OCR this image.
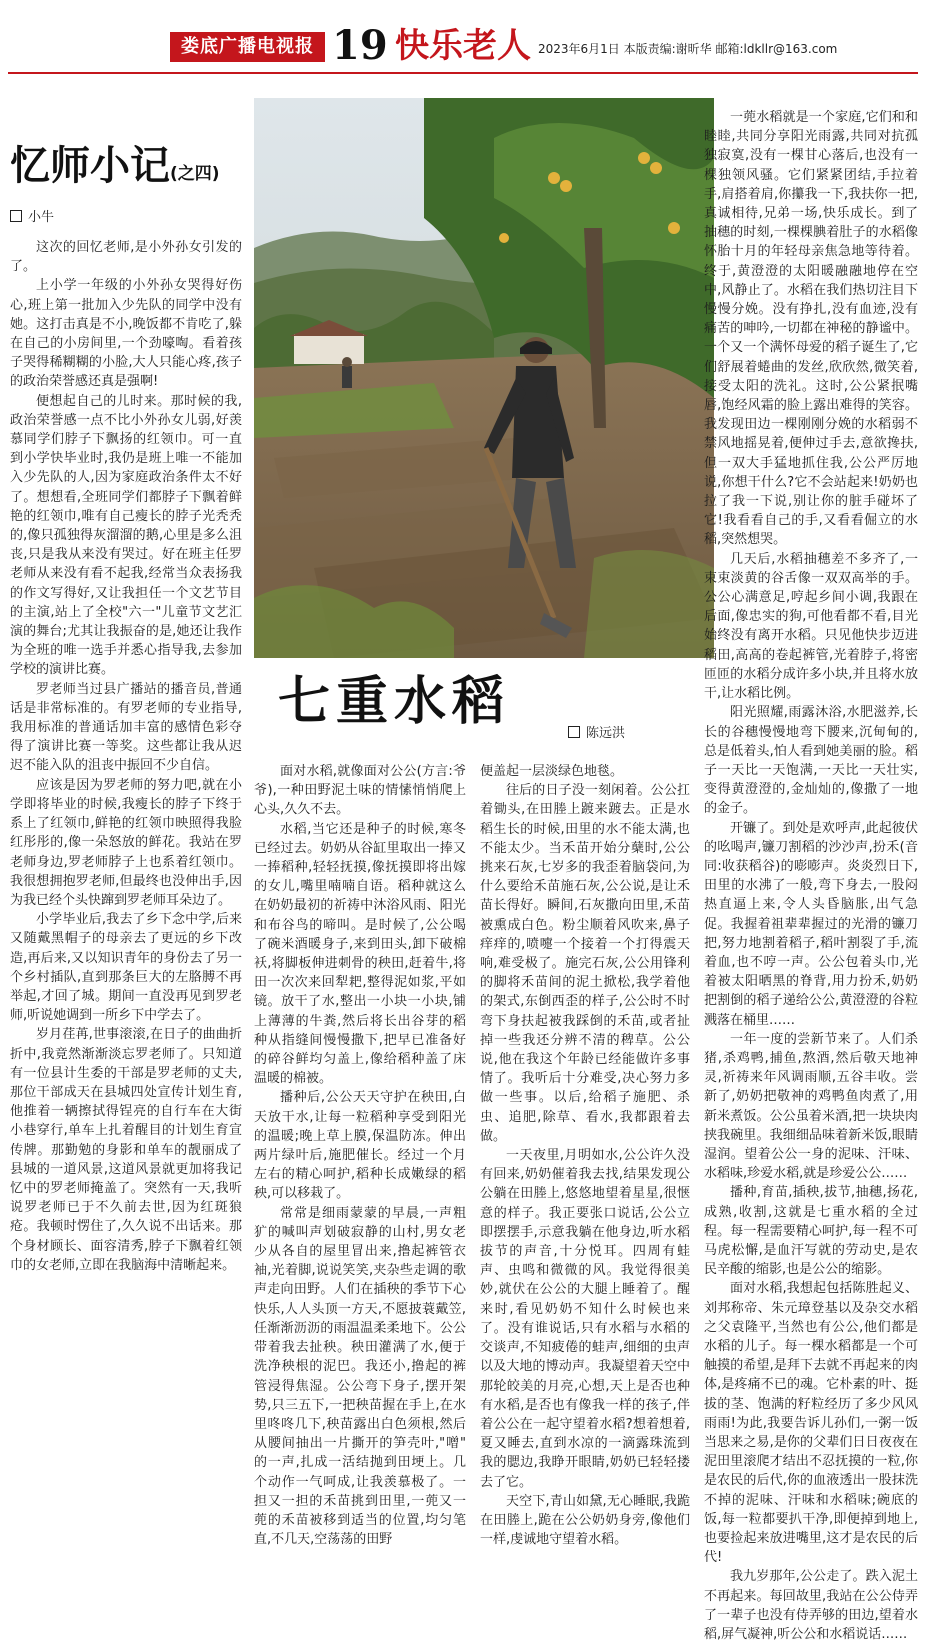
娄底广播电视报 19 快乐老人 2023年6月1日 本版责编:谢昕华 邮箱:ldkllr@163.com
忆师小记(之四)
小牛

这次的回忆老师,是小外孙女引发的了。

上小学一年级的小外孙女哭得好伤心,班上第一批加入少先队的同学中没有她。这打击真是不小,晚饭都不肯吃了,躲在自己的小房间里,一个劲嚎啕。看着孩子哭得稀糊糊的小脸,大人只能心疼,孩子的政治荣誉感还真是强啊!

便想起自己的儿时来。那时候的我,政治荣誉感一点不比小外孙女儿弱,好羡慕同学们脖子下飘扬的红领巾。可一直到小学快毕业时,我仍是班上唯一不能加入少先队的人,因为家庭政治条件太不好了。想想看,全班同学们都脖子下飘着鲜艳的红领巾,唯有自己瘦长的脖子光秃秃的,像只孤独得灰溜溜的鹅,心里是多么沮丧,只是我从来没有哭过。好在班主任罗老师从来没有看不起我,经常当众表扬我的作文写得好,又让我担任一个文艺节目的主演,站上了全校"六一"儿童节文艺汇演的舞台;尤其让我振奋的是,她还让我作为全班的唯一选手并悉心指导我,去参加学校的演讲比赛。

罗老师当过县广播站的播音员,普通话是非常标准的。有罗老师的专业指导,我用标准的普通话加丰富的感情色彩夺得了演讲比赛一等奖。这些都让我从迟迟不能入队的沮丧中振回不少自信。

应该是因为罗老师的努力吧,就在小学即将毕业的时候,我瘦长的脖子下终于系上了红领巾,鲜艳的红领巾映照得我脸红彤彤的,像一朵怒放的鲜花。我站在罗老师身边,罗老师脖子上也系着红领巾。我很想拥抱罗老师,但最终也没伸出手,因为我已经个头快蹿到罗老师耳朵边了。

小学毕业后,我去了乡下念中学,后来又随戴黑帽子的母亲去了更远的乡下改造,再后来,又以知识青年的身份去了另一个乡村插队,直到那条巨大的左胳膊不再举起,才回了城。期间一直没再见到罗老师,听说她调到一所乡下中学去了。

岁月荏苒,世事滚滚,在日子的曲曲折折中,我竟然渐渐淡忘罗老师了。只知道有一位县计生委的干部是罗老师的丈夫,那位干部成天在县城四处宣传计划生育,他推着一辆擦拭得锃亮的自行车在大街小巷穿行,单车上扎着醒目的计划生育宣传牌。那勤勉的身影和单车的靓丽成了县城的一道风景,这道风景就更加将我记忆中的罗老师掩盖了。突然有一天,我听说罗老师已于不久前去世,因为红斑狼疮。我顿时愣住了,久久说不出话来。那个身材顾长、面容清秀,脖子下飘着红领巾的女老师,立即在我脑海中清晰起来。

七重水稻
陈远洪

面对水稻,就像面对公公(方言:爷爷),一种田野泥土味的情愫悄悄爬上心头,久久不去。

水稻,当它还是种子的时候,寒冬已经过去。奶奶从谷缸里取出一捧又一捧稻种,轻轻抚摸,像抚摸即将出嫁的女儿,嘴里喃喃自语。稻种就这么在奶奶最初的祈祷中沐浴风雨、阳光和布谷鸟的啼叫。是时候了,公公喝了碗米酒暖身子,来到田头,卸下破棉袄,将脚板伸进刺骨的秧田,赶着牛,将田一次次来回犁耙,整得泥如浆,平如镜。放干了水,整出一小块一小块,铺上薄薄的牛粪,然后将长出谷芽的稻种从指缝间慢慢撒下,把早已准备好的碎谷鲜均匀盖上,像给稻种盖了床温暖的棉被。

播种后,公公天天守护在秧田,白天放干水,让每一粒稻种享受到阳光的温暖;晚上草上膜,保温防冻。伸出两片绿叶后,施肥催长。经过一个月左右的精心呵护,稻种长成嫩绿的稻秧,可以移栽了。

常常是细雨蒙蒙的早晨,一声粗犷的喊叫声划破寂静的山村,男女老少从各自的屋里冒出来,撸起裤管衣袖,光着脚,说说笑笑,夹杂些走调的歌声走向田野。人们在插秧的季节下心快乐,人人头顶一方天,不愿披蓑戴笠,任渐渐沥沥的雨温温柔柔地下。公公带着我去扯秧。秧田灌满了水,便于洗净秧根的泥巴。我还小,撸起的裤管浸得焦湿。公公弯下身子,摆开架势,只三五下,一把秧苗握在手上,在水里咚咚几下,秧苗露出白色须根,然后从腰间抽出一片撕开的笋壳叶,"噌" 的一声,扎成一活结抛到田埂上。几个动作一气呵成,让我羡慕极了。一担又一担的禾苗挑到田里,一蔸又一蔸的禾苗被移到适当的位置,均匀笔直,不几天,空荡荡的田野

便盖起一层淡绿色地毯。

往后的日子没一刻闲着。公公扛着锄头,在田塍上踱来踱去。正是水稻生长的时候,田里的水不能太满,也不能太少。当禾苗开始分蘖时,公公挑来石灰,七岁多的我歪着脑袋问,为什么要给禾苗施石灰,公公说,是让禾苗长得好。瞬间,石灰撒向田里,禾苗被熏成白色。粉尘顺着风吹来,鼻子痒痒的,喷嚏一个接着一个打得震天响,难受极了。施完石灰,公公用锋利的脚将禾苗间的泥土掀松,我学着他的架式,东倒西歪的样子,公公时不时弯下身扶起被我踩倒的禾苗,或者扯掉一些我还分辨不清的稗草。公公说,他在我这个年龄已经能做许多事情了。我听后十分难受,决心努力多做一些事。以后,给稻子施肥、杀虫、追肥,除草、看水,我都跟着去做。

一天夜里,月明如水,公公许久没有回来,奶奶催着我去找,结果发现公公躺在田塍上,悠悠地望着星星,很惬意的样子。我正要张口说话,公公立即摆摆手,示意我躺在他身边,听水稻拔节的声音,十分悦耳。四周有蛙声、虫鸣和微微的风。我觉得很美妙,就伏在公公的大腿上睡着了。醒来时,看见奶奶不知什么时候也来了。没有谁说话,只有水稻与水稻的交谈声,不知疲倦的蛙声,细细的虫声以及大地的博动声。我凝望着天空中那轮皎美的月亮,心想,天上是否也种有水稻,是否也有像我一样的孩子,伴着公公在一起守望着水稻?想着想着,夏又睡去,直到水凉的一滴露珠流到我的腮边,我睁开眼睛,奶奶已轻轻搂去了它。

天空下,青山如黛,无心睡眠,我跪在田塍上,跪在公公奶奶身旁,像他们一样,虔诚地守望着水稻。

一蔸水稻就是一个家庭,它们和和睦睦,共同分享阳光雨露,共同对抗孤独寂寞,没有一棵甘心落后,也没有一棵独领风骚。它们紧紧团结,手拉着手,肩搭着肩,你攥我一下,我扶你一把,真诚相待,兄弟一场,快乐成长。到了抽穗的时刻,一棵棵腆着肚子的水稻像怀胎十月的年轻母亲焦急地等待着。终于,黄澄澄的太阳暖融融地停在空中,风静止了。水稻在我们热切注目下慢慢分娩。没有挣扎,没有血迹,没有痛苦的呻吟,一切都在神秘的静谧中。一个又一个满怀母爱的稻子诞生了,它们舒展着蜷曲的发丝,欣欣然,微笑着,接受太阳的洗礼。这时,公公紧抿嘴唇,饱经风霜的脸上露出难得的笑容。我发现田边一棵刚刚分娩的水稻弱不禁风地摇晃着,便伸过手去,意欲搀扶,但一双大手猛地抓住我,公公严厉地说,你想干什么?它不会站起来!奶奶也拉了我一下说,别让你的脏手碰坏了它!我看看自己的手,又看看倔立的水稻,突然想哭。

几天后,水稻抽穗差不多齐了,一束束淡黄的谷舌像一双双高举的手。公公心满意足,哼起乡间小调,我跟在后面,像忠实的狗,可他看都不看,目光始终没有离开水稻。只见他快步迈进稻田,高高的卷起裤管,光着脖子,将密匝匝的水稻分成许多小块,并且将水放干,让水稻比例。

阳光照耀,雨露沐浴,水肥滋养,长长的谷穗慢慢地弯下腰来,沉甸甸的,总是低着头,怕人看到她美丽的脸。稻子一天比一天饱满,一天比一天壮实,变得黄澄澄的,金灿灿的,像撒了一地的金子。

开镰了。到处是欢呼声,此起彼伏的吆喝声,镰刀割稻的沙沙声,扮禾(音同:收获稻谷)的嘭嘭声。炎炎烈日下,田里的水沸了一般,弯下身去,一股闷热直逼上来,令人头昏脑胀,出气急促。我握着祖辈辈握过的光滑的镰刀把,努力地割着稻子,稻叶割裂了手,流着血,也不哼一声。公公包着头巾,光着被太阳晒黑的脊背,用力扮禾,奶奶把割倒的稻子递给公公,黄澄澄的谷粒溅落在桶里……

一年一度的尝新节来了。人们杀猪,杀鸡鸭,捕鱼,熬酒,然后敬天地神灵,祈祷来年风调雨顺,五谷丰收。尝新了,奶奶把敬神的鸡鸭鱼肉煮了,用新米煮饭。公公虽着米酒,把一块块肉挟我碗里。我细细品味着新米饭,眼睛湿润。望着公公一身的泥味、汗味、水稻味,珍爱水稻,就是珍爱公公……

播种,育苗,插秧,拔节,抽穗,扬花,成熟,收割,这就是七重水稻的全过程。每一程需要精心呵护,每一程不可马虎松懈,是血汗写就的劳动史,是农民辛酸的缩影,也是公公的缩影。

面对水稻,我想起包括陈胜起义、刘邦称帝、朱元璋登基以及杂交水稻之父袁隆平,当然也有公公,他们都是水稻的儿子。每一棵水稻都是一个可触摸的希望,是拜下去就不再起来的肉体,是疼痛不已的魂。它朴素的叶、挺拔的茎、饱满的籽粒经历了多少风风雨雨!为此,我要告诉儿孙们,一粥一饭当思来之易,是你的父辈们日日夜夜在泥田里滚爬才结出不忍抚摸的一粒,你是农民的后代,你的血液透出一股抹洗不掉的泥味、汗味和水稻味;碗底的饭,每一粒都要扒干净,即便掉到地上,也要捡起来放进嘴里,这才是农民的后代!

我九岁那年,公公走了。跌入泥土不再起来。每回故里,我站在公公侍弄了一辈子也没有侍弄够的田边,望着水稻,屏气凝神,听公公和水稻说话……
